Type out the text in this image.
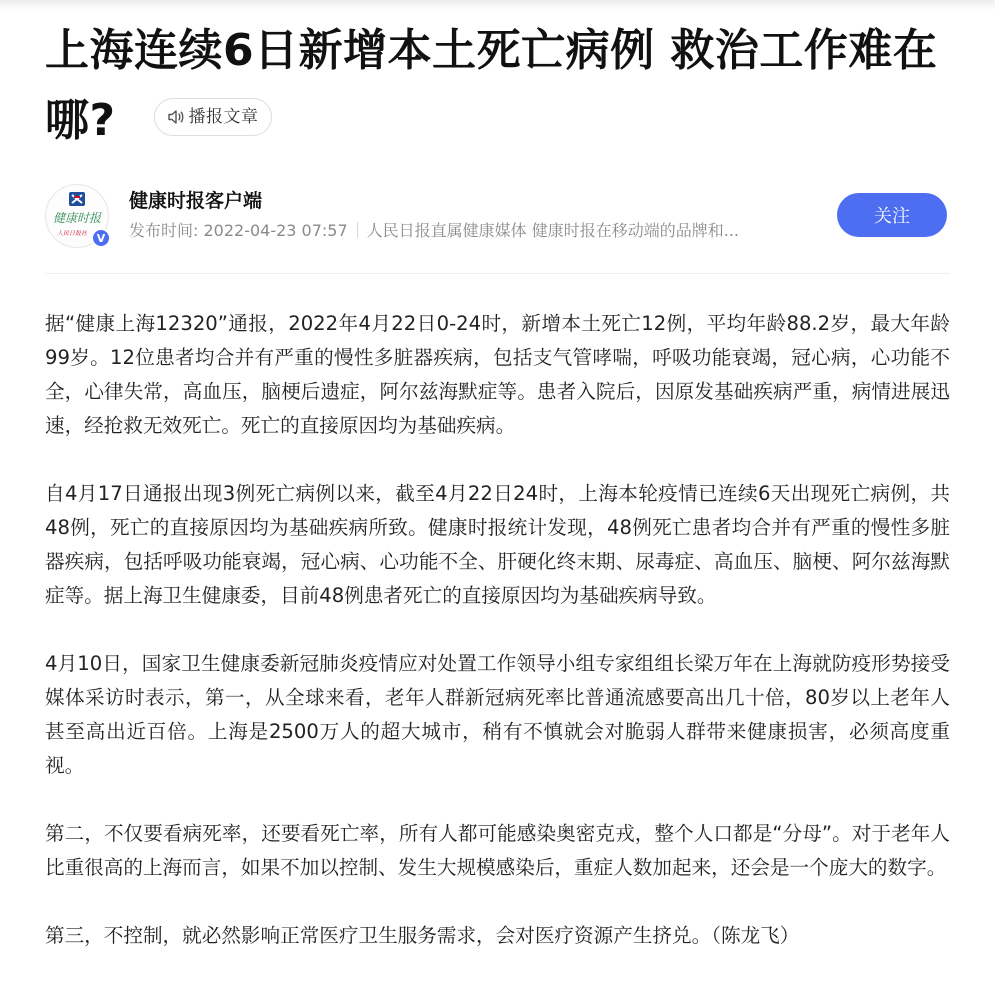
上海连续6日新增本土死亡病例 救治工作难在哪?	播报文章
健康时报
人民日报社 V
健康时报客户端
发布时间: 2022-04-23 07:57 人民日报直属健康媒体 健康时报在移动端的品牌和...
关注

据“健康上海12320”通报，2022年4月22日0-24时，新增本土死亡12例，平均年龄88.2岁，最大年龄99岁。12位患者均合并有严重的慢性多脏器疾病，包括支气管哮喘，呼吸功能衰竭，冠心病，心功能不全，心律失常，高血压，脑梗后遗症，阿尔兹海默症等。患者入院后，因原发基础疾病严重，病情进展迅速，经抢救无效死亡。死亡的直接原因均为基础疾病。

自4月17日通报出现3例死亡病例以来，截至4月22日24时，上海本轮疫情已连续6天出现死亡病例，共48例，死亡的直接原因均为基础疾病所致。健康时报统计发现，48例死亡患者均合并有严重的慢性多脏器疾病，包括呼吸功能衰竭，冠心病、心功能不全、肝硬化终末期、尿毒症、高血压、脑梗、阿尔兹海默症等。据上海卫生健康委，目前48例患者死亡的直接原因均为基础疾病导致。

4月10日，国家卫生健康委新冠肺炎疫情应对处置工作领导小组专家组组长梁万年在上海就防疫形势接受媒体采访时表示，第一，从全球来看，老年人群新冠病死率比普通流感要高出几十倍，80岁以上老年人甚至高出近百倍。上海是2500万人的超大城市，稍有不慎就会对脆弱人群带来健康损害，必须高度重视。

第二，不仅要看病死率，还要看死亡率，所有人都可能感染奥密克戎，整个人口都是“分母”。对于老年人比重很高的上海而言，如果不加以控制、发生大规模感染后，重症人数加起来，还会是一个庞大的数字。

第三，不控制，就必然影响正常医疗卫生服务需求，会对医疗资源产生挤兑。（陈龙飞）
